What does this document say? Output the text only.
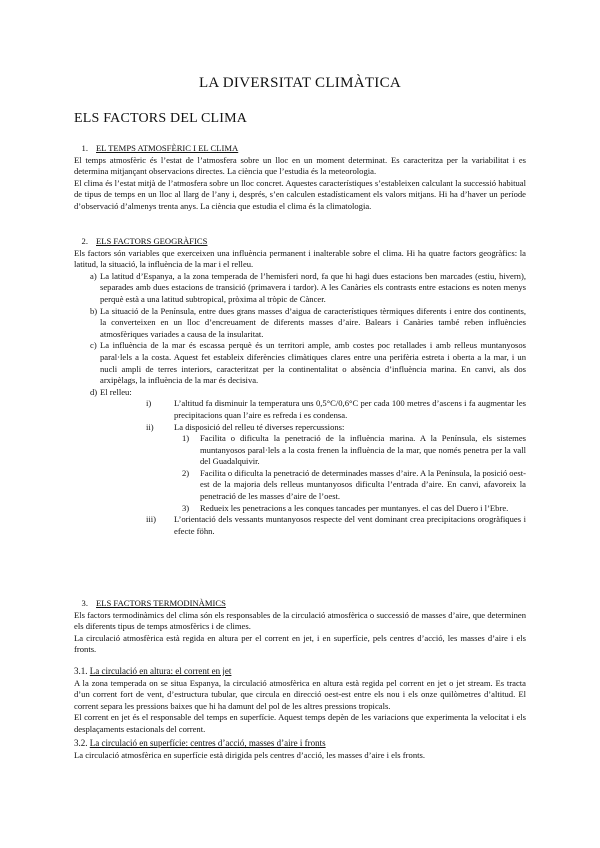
LA DIVERSITAT CLIMÀTICA
ELS FACTORS DEL CLIMA

1. EL TEMPS ATMOSFÈRIC I EL CLIMA

El temps atmosfèric és l’estat de l’atmosfera sobre un lloc en un moment determinat. Es caracteritza per la variabilitat i es determina mitjançant observacions directes. La ciència que l’estudia és la meteorologia.

El clima és l’estat mitjà de l’atmosfera sobre un lloc concret. Aquestes característiques s’estableixen calculant la successió habitual de tipus de temps en un lloc al llarg de l’any i, després, s’en calculen estadísticament els valors mitjans. Hi ha d’haver un període d’observació d’almenys trenta anys. La ciència que estudia el clima és la climatologia.

2. ELS FACTORS GEOGRÀFICS

Els factors són variables que exerceixen una influència permanent i inalterable sobre el clima. Hi ha quatre factors geogràfics: la latitud, la situació, la influència de la mar i el relleu.

a) La latitud d’Espanya, a la zona temperada de l’hemisferi nord, fa que hi hagi dues estacions ben marcades (estiu, hivern), separades amb dues estacions de transició (primavera i tardor). A les Canàries els contrasts entre estacions es noten menys perquè està a una latitud subtropical, pròxima al tròpic de Càncer.

b) La situació de la Península, entre dues grans masses d’aigua de característiques tèrmiques diferents i entre dos continents, la converteixen en un lloc d’encreuament de diferents masses d’aire. Balears i Canàries també reben influències atmosfèriques variades a causa de la insularitat.

c) La influència de la mar és escassa perquè és un territori ample, amb costes poc retallades i amb relleus muntanyosos paral·lels a la costa. Aquest fet estableix diferències climàtiques clares entre una perifèria estreta i oberta a la mar, i un nucli ampli de terres interiors, caracteritzat per la continentalitat o absència d’influència marina. En canvi, als dos arxipèlags, la influència de la mar és decisiva.

d) El relleu:

i)	L’altitud fa disminuir la temperatura uns 0,5°C/0,6°C per cada 100 metres d’ascens i fa augmentar les precipitacions quan l’aire es refreda i es condensa.

ii) La disposició del relleu té diverses repercussions:

1) Facilita o dificulta la penetració de la influència marina. A la Península, els sistemes muntanyosos paral·lels a la costa frenen la influència de la mar, que només penetra per la vall del Guadalquivir.

2) Facilita o dificulta la penetració de determinades masses d’aire. A la Península, la posició oest-est de la majoria dels relleus muntanyosos dificulta l’entrada d’aire. En canvi, afavoreix la penetració de les masses d’aire de l’oest.

3) Redueix les penetracions a les conques tancades per muntanyes. el cas del Duero i l’Ebre.

iii) L’orientació dels vessants muntanyosos respecte del vent dominant crea precipitacions orogràfiques i efecte föhn.

3. ELS FACTORS TERMODINÀMICS

Els factors termodinàmics del clima són els responsables de la circulació atmosfèrica o successió de masses d’aire, que determinen els diferents tipus de temps atmosfèrics i de climes.

La circulació atmosfèrica està regida en altura per el corrent en jet, i en superfície, pels centres d’acció, les masses d’aire i els fronts.

3.1. La circulació en altura: el corrent en jet

A la zona temperada on se situa Espanya, la circulació atmosfèrica en altura està regida pel corrent en jet o jet stream. Es tracta d’un corrent fort de vent, d’estructura tubular, que circula en direcció oest-est entre els nou i els onze quilòmetres d’altitud. El corrent separa les pressions baixes que hi ha damunt del pol de les altres pressions tropicals.

El corrent en jet és el responsable del temps en superfície. Aquest temps depèn de les variacions que experimenta la velocitat i els desplaçaments estacionals del corrent.

3.2. La circulació en superfície: centres d’acció, masses d’aire i fronts

La circulació atmosfèrica en superfície està dirigida pels centres d’acció, les masses d’aire i els fronts.
